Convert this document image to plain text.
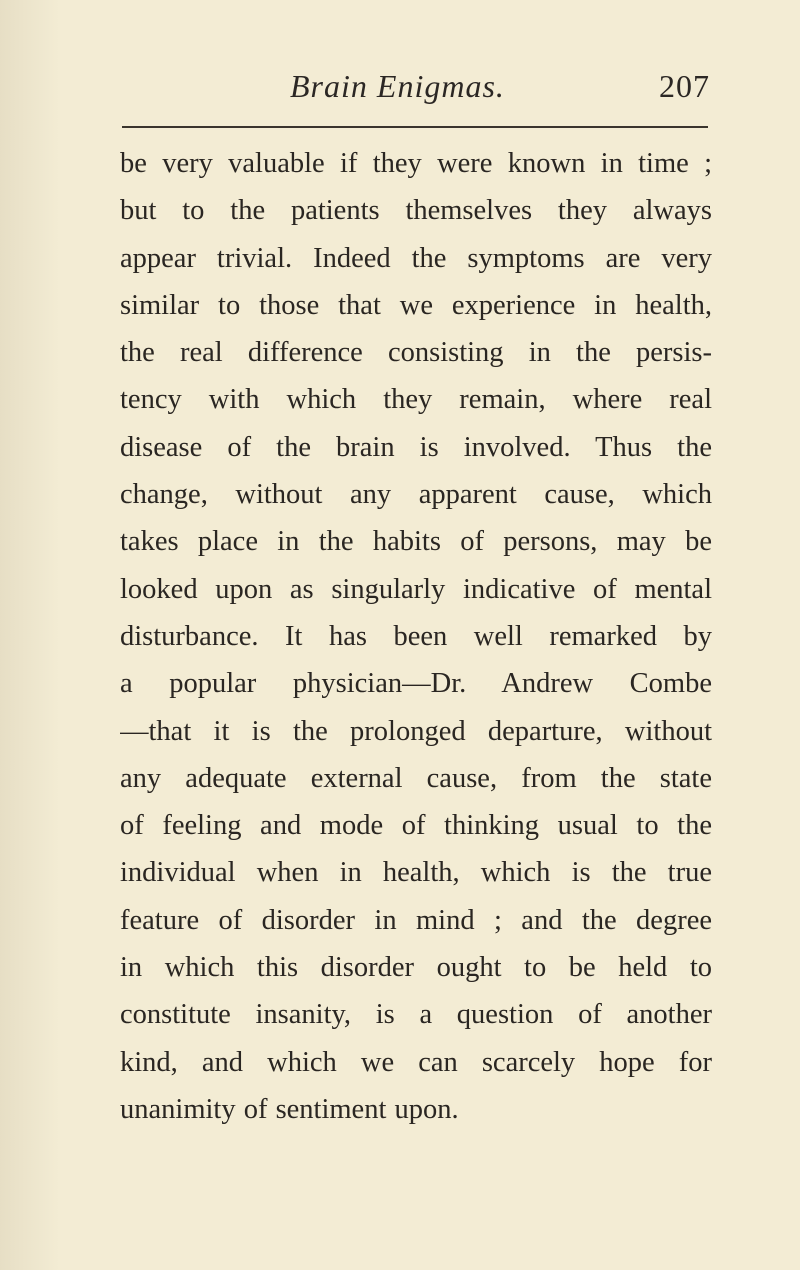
Brain Enigmas.	207
be very valuable if they were known in time ;
but to the patients themselves they always
appear trivial. Indeed the symptoms are very
similar to those that we experience in health,
the real difference consisting in the persis-
tency with which they remain, where real
disease of the brain is involved. Thus the
change, without any apparent cause, which
takes place in the habits of persons, may be
looked upon as singularly indicative of mental
disturbance. It has been well remarked by
a popular physician—Dr. Andrew Combe
—that it is the prolonged departure, without
any adequate external cause, from the state
of feeling and mode of thinking usual to the
individual when in health, which is the true
feature of disorder in mind ; and the degree
in which this disorder ought to be held to
constitute insanity, is a question of another
kind, and which we can scarcely hope for
unanimity of sentiment upon.
